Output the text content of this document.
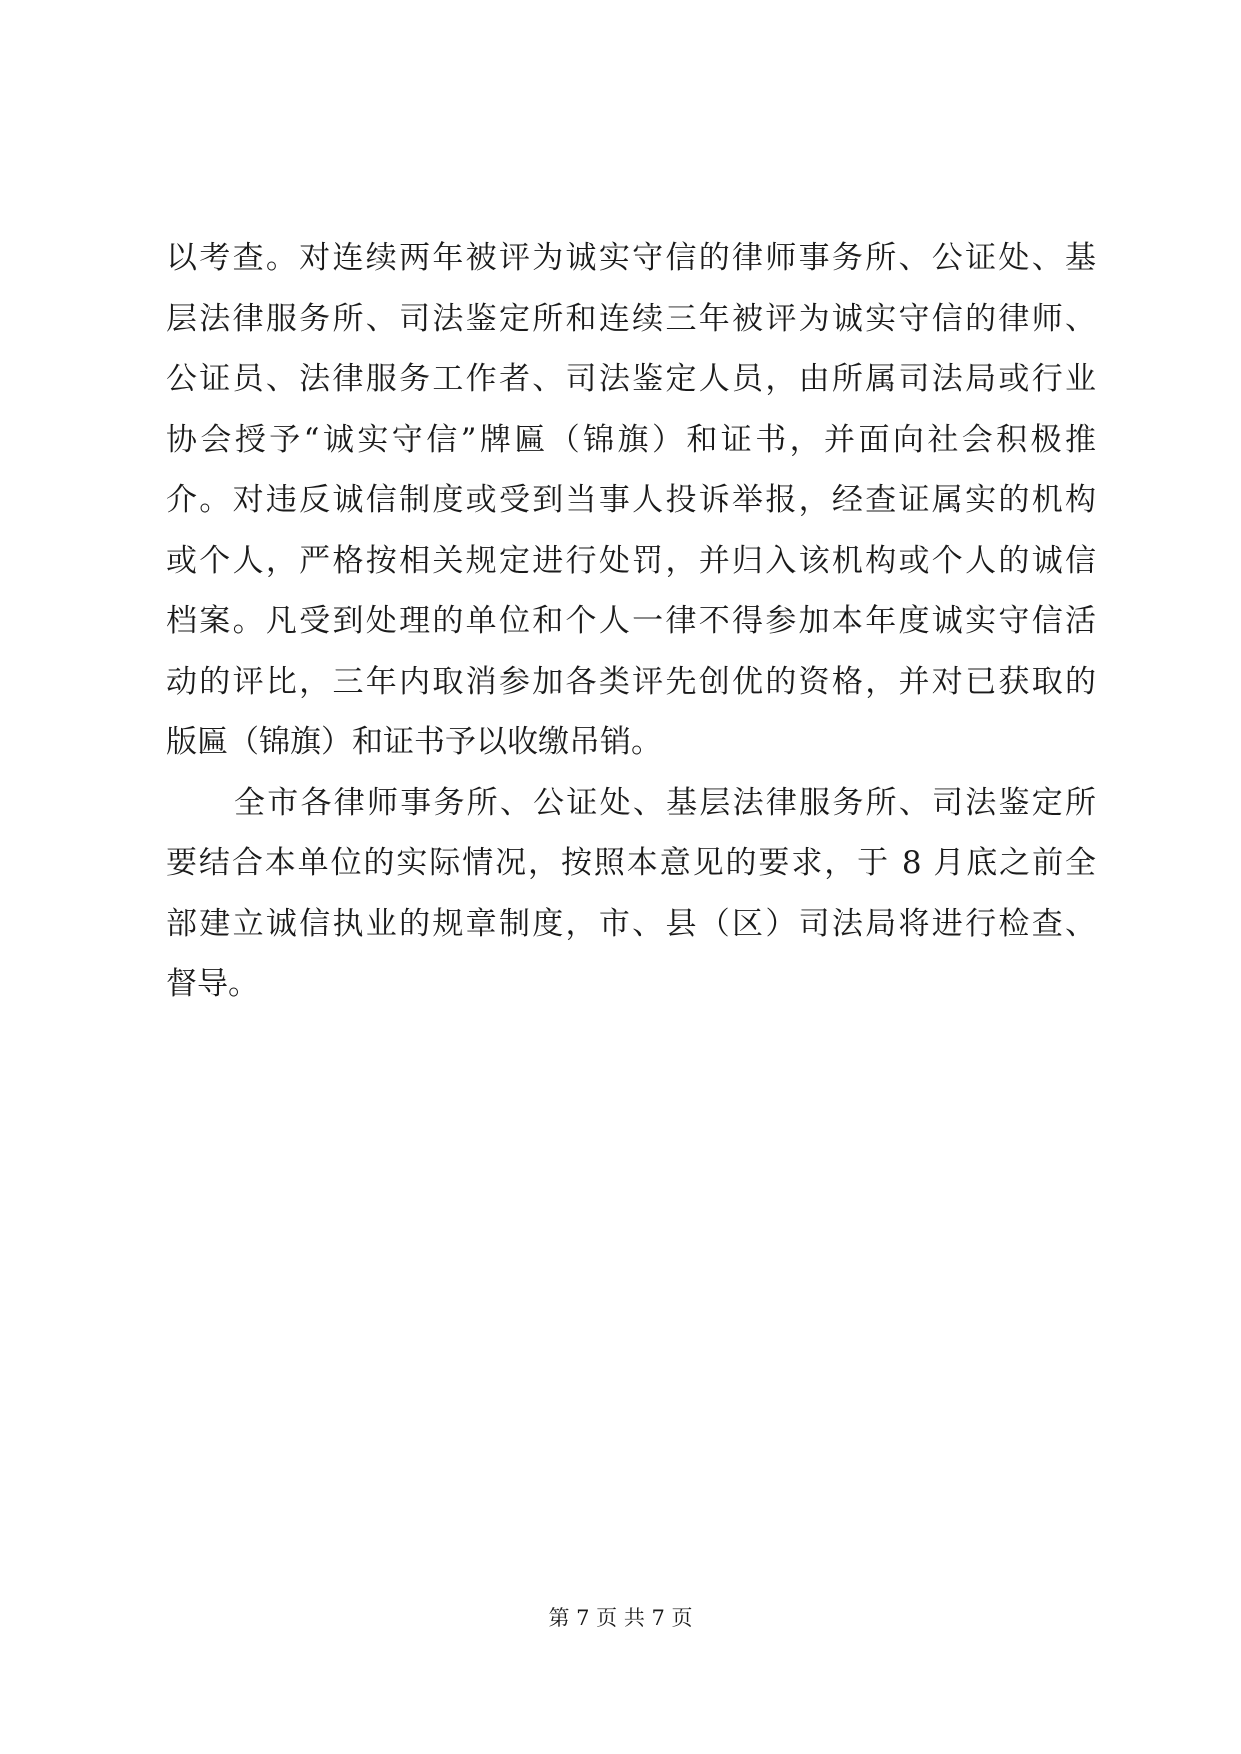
以考查。对连续两年被评为诚实守信的律师事务所、公证处、基
层法律服务所、司法鉴定所和连续三年被评为诚实守信的律师、
公证员、法律服务工作者、司法鉴定人员，由所属司法局或行业
协会授予“诚实守信”牌匾（锦旗）和证书，并面向社会积极推
介。对违反诚信制度或受到当事人投诉举报，经查证属实的机构
或个人，严格按相关规定进行处罚，并归入该机构或个人的诚信
档案。凡受到处理的单位和个人一律不得参加本年度诚实守信活
动的评比，三年内取消参加各类评先创优的资格，并对已获取的
版匾（锦旗）和证书予以收缴吊销。
全市各律师事务所、公证处、基层法律服务所、司法鉴定所
要结合本单位的实际情况，按照本意见的要求，于 8 月底之前全
部建立诚信执业的规章制度，市、县（区）司法局将进行检查、
督导。
第 7 页 共 7 页
